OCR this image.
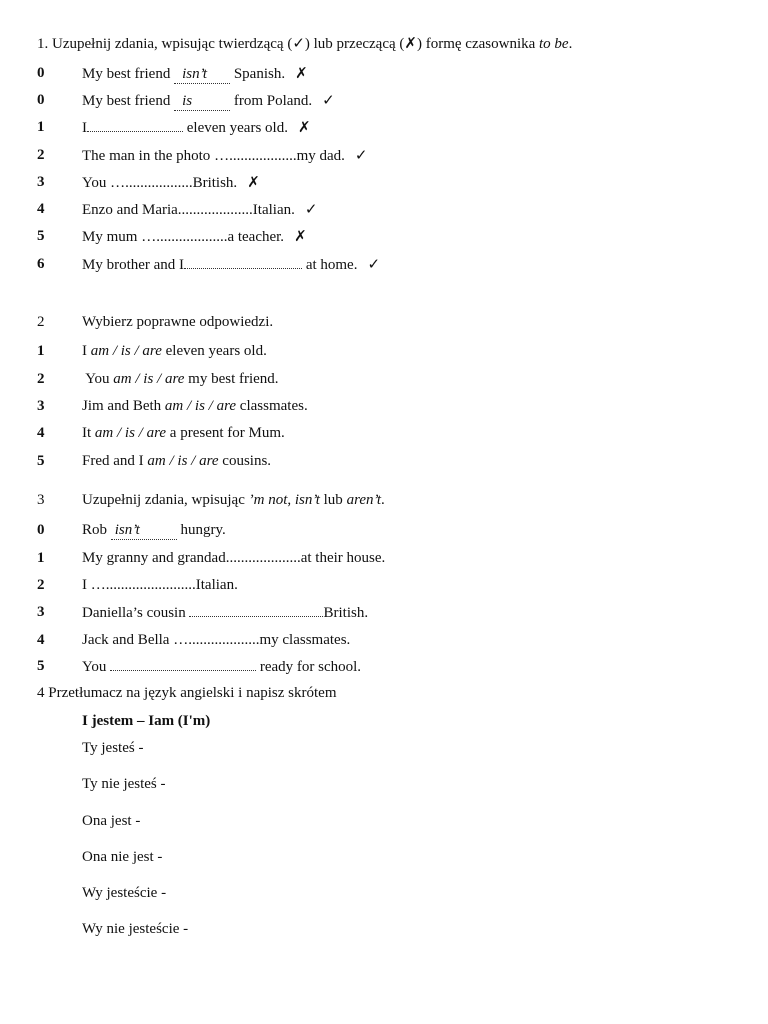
1. Uzupełnij zdania, wpisując twierdzącą (✓) lub przeczącą (✗) formę czasownika to be.
0	My best friend isn’t Spanish. ✗
0	My best friend is	from Poland. ✓
1	I	eleven years old. ✗
2	The man in the photo …..................my dad. ✓
3	You …..................British. ✗
4	Enzo and Maria....................Italian. ✓
5	My mum …...................a teacher. ✗
6	My brother and I	at home. ✓
2	Wybierz poprawne odpowiedzi.
1	I am / is / are eleven years old.
2	You am / is / are my best friend.
3	Jim and Beth am / is / are classmates.
4	It am / is / are a present for Mum.
5	Fred and I am / is / are cousins.
3	Uzupełnij zdania, wpisując ’m not, isn’t lub aren’t.
0	Rob isn’t hungry.
1	My granny and grandad....................at their house.
2	I …........................Italian.
3	Daniella’s cousin	British.
4	Jack and Bella …...................my classmates.
5	You	ready for school.
4 Przetłumacz na język angielski i napisz skrótem
I jestem – Iam (I'm)
Ty jesteś -
Ty nie jesteś -
Ona jest -
Ona nie jest -
Wy jesteście -
Wy nie jesteście -
